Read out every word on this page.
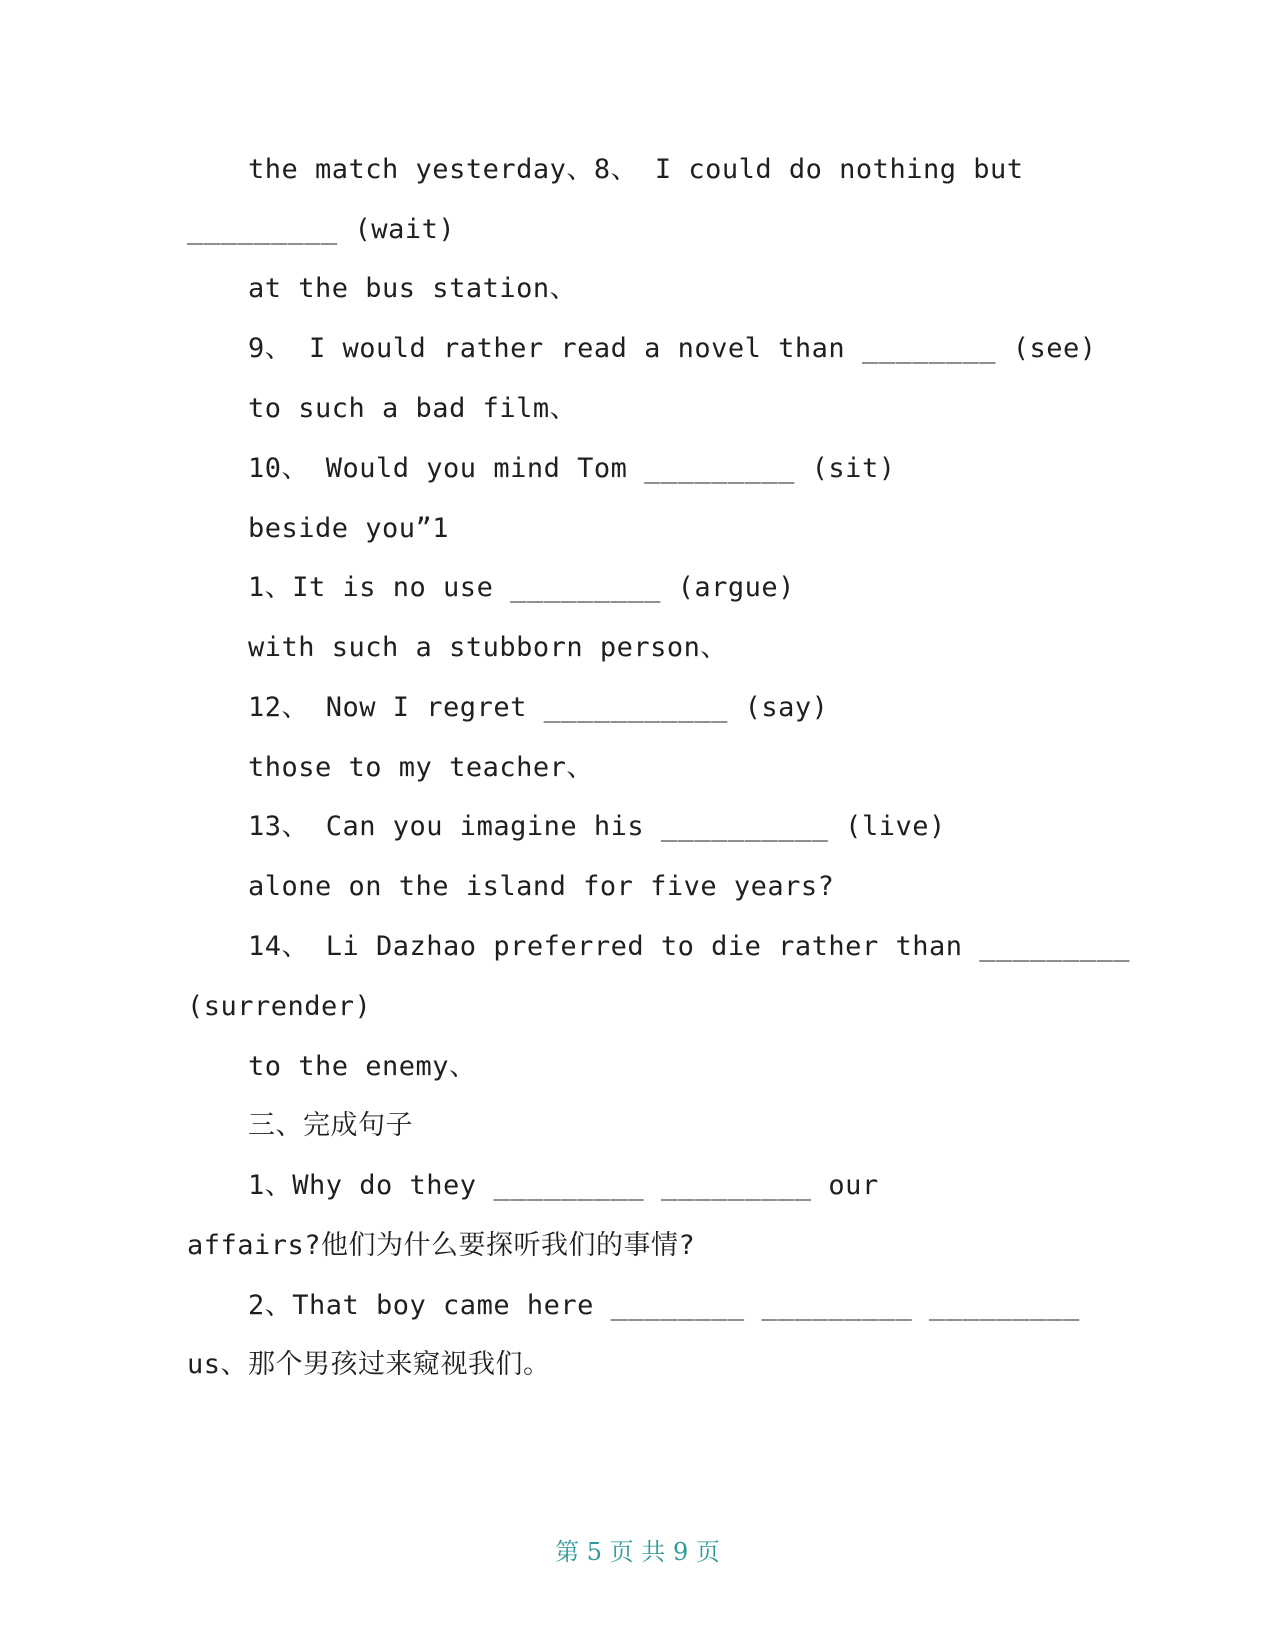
the match yesterday、8、 I could do nothing but
_________ (wait)
at the bus station、
9、 I would rather read a novel than ________ (see)
to such a bad film、
10、 Would you mind Tom _________ (sit)
beside you”1
1、It is no use _________ (argue)
with such a stubborn person、
12、 Now I regret ___________ (say)
those to my teacher、
13、 Can you imagine his __________ (live)
alone on the island for five years?
14、 Li Dazhao preferred to die rather than _________
(surrender)
to the enemy、
三、完成句子
1、Why do they _________ _________ our
affairs?他们为什么要探听我们的事情?
2、That boy came here ________ _________ _________
us、那个男孩过来窥视我们。
第 5 页 共 9 页
